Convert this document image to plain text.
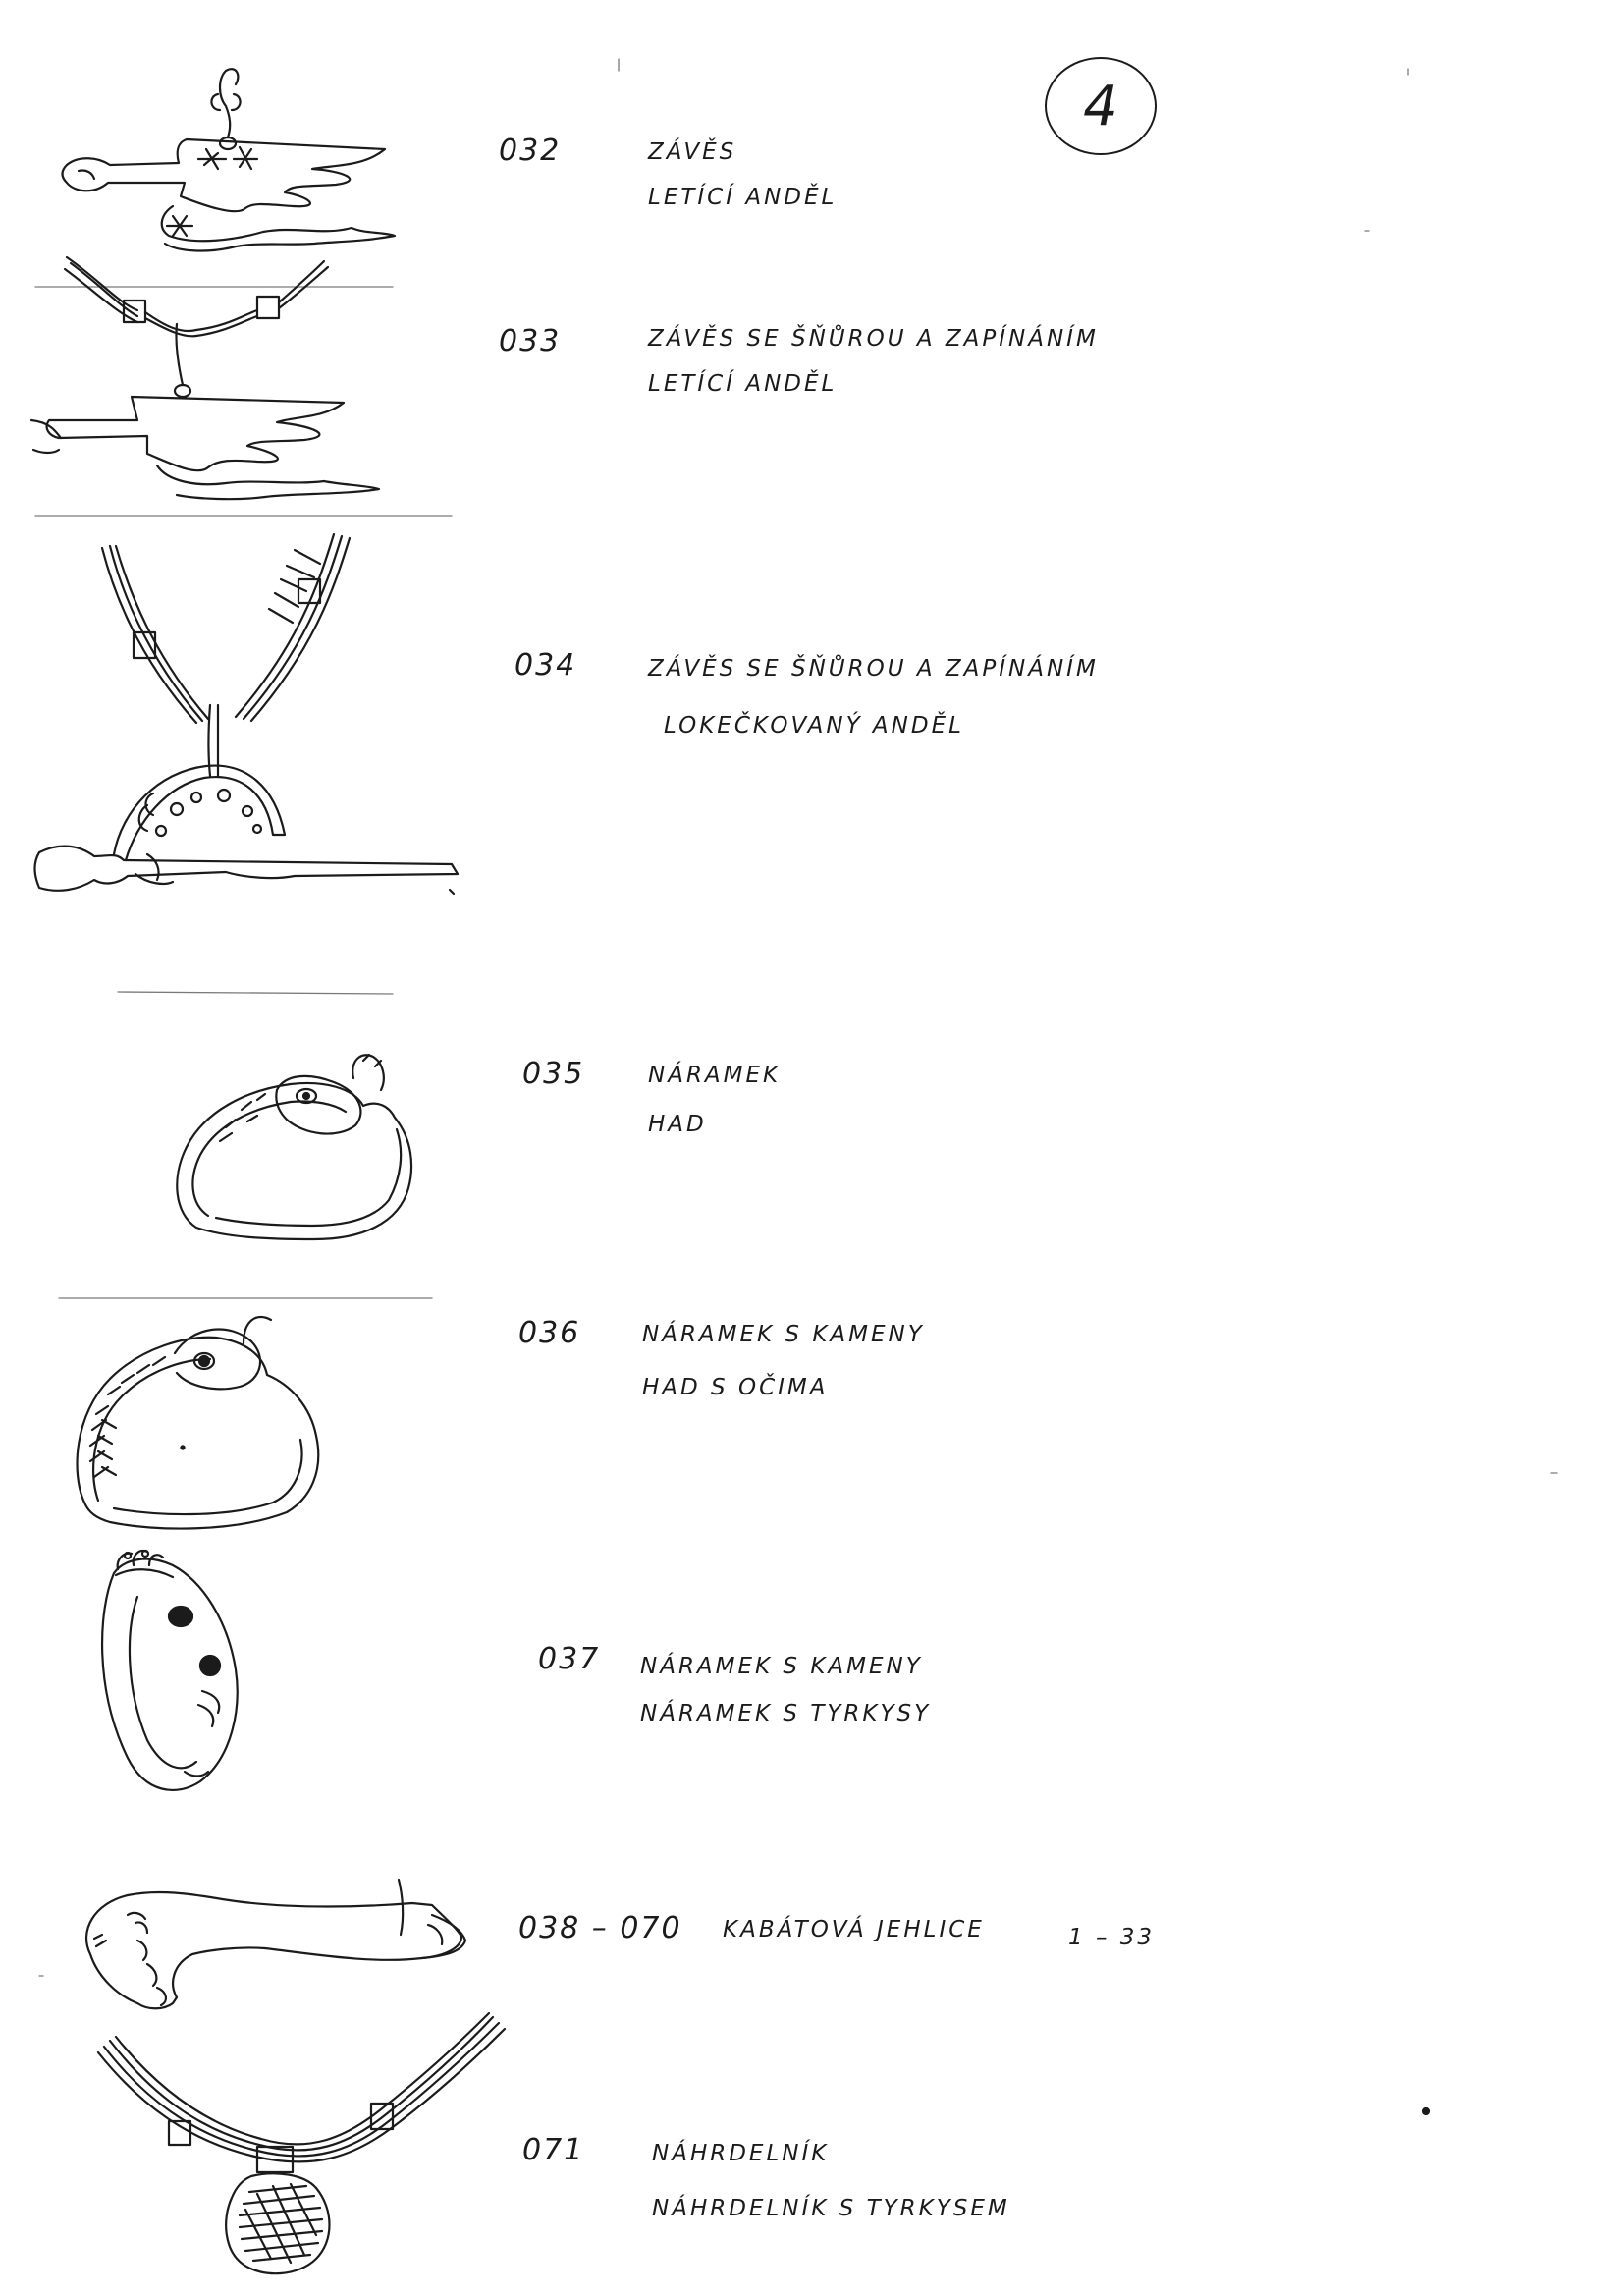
4
032	ZÁVĚS
LETÍCÍ ANDĚL
033	ZÁVĚS SE ŠŇŮROU A ZAPÍNÁNÍM
LETÍCÍ ANDĚL
034	ZÁVĚS SE ŠŇŮROU A ZAPÍNÁNÍM
LOKEČKOVANÝ ANDĚL
035	NÁRAMEK
HAD
036	NÁRAMEK S KAMENY
HAD S OČIMA
037 NÁRAMEK S KAMENY
NÁRAMEK S TYRKYSY
038 – 070 KABÁTOVÁ JEHLICE	1 – 33
071	NÁHRDELNÍK
NÁHRDELNÍK S TYRKYSEM
